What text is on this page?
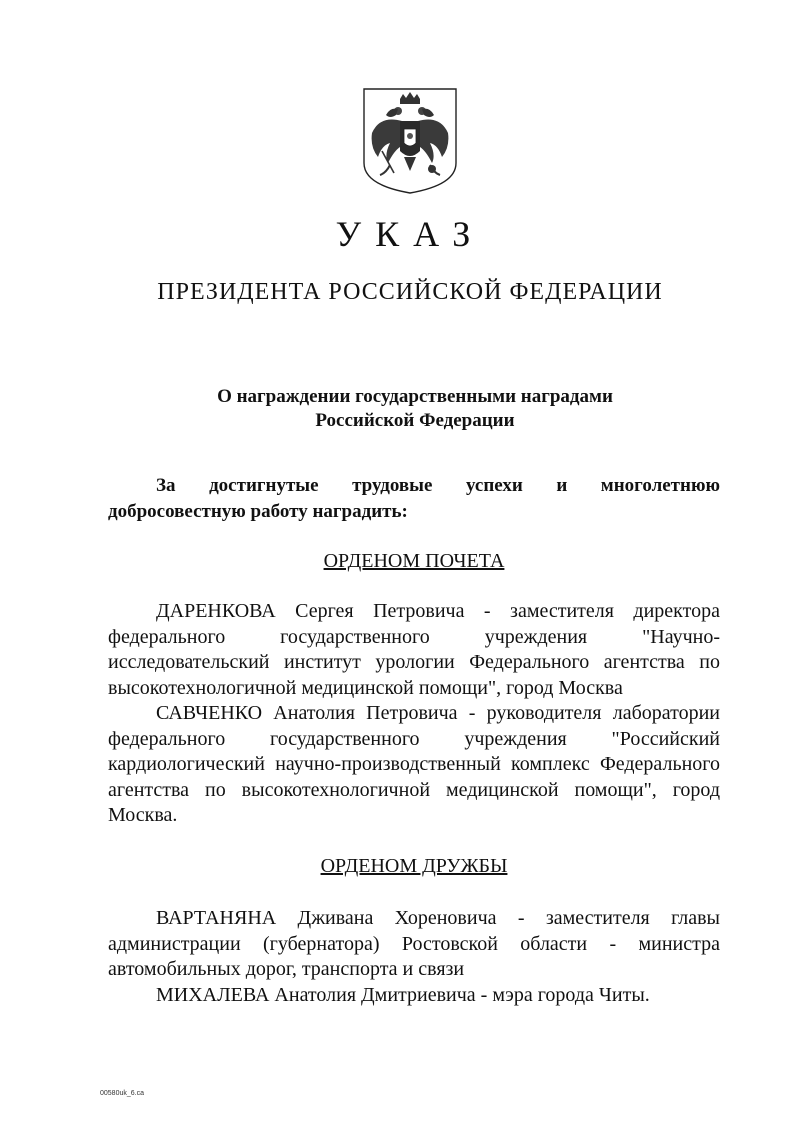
УКАЗ
ПРЕЗИДЕНТА РОССИЙСКОЙ ФЕДЕРАЦИИ
О награждении государственными наградами
Российской Федерации
За достигнутые трудовые успехи и многолетнюю
добросовестную работу наградить:
ОРДЕНОМ ПОЧЕТА
ДАРЕНКОВА Сергея Петровича - заместителя директора
федерального государственного учреждения "Научно-
исследовательский институт урологии Федерального агентства по
высокотехнологичной медицинской помощи", город Москва
САВЧЕНКО Анатолия Петровича - руководителя лаборатории
федерального государственного учреждения "Российский
кардиологический научно-производственный комплекс Федерального
агентства по высокотехнологичной медицинской помощи", город
Москва.
ОРДЕНОМ ДРУЖБЫ
ВАРТАНЯНА Дживана Хореновича - заместителя главы
администрации (губернатора) Ростовской области - министра
автомобильных дорог, транспорта и связи
МИХАЛЕВА Анатолия Дмитриевича - мэра города Читы.
00580uk_6.ca
